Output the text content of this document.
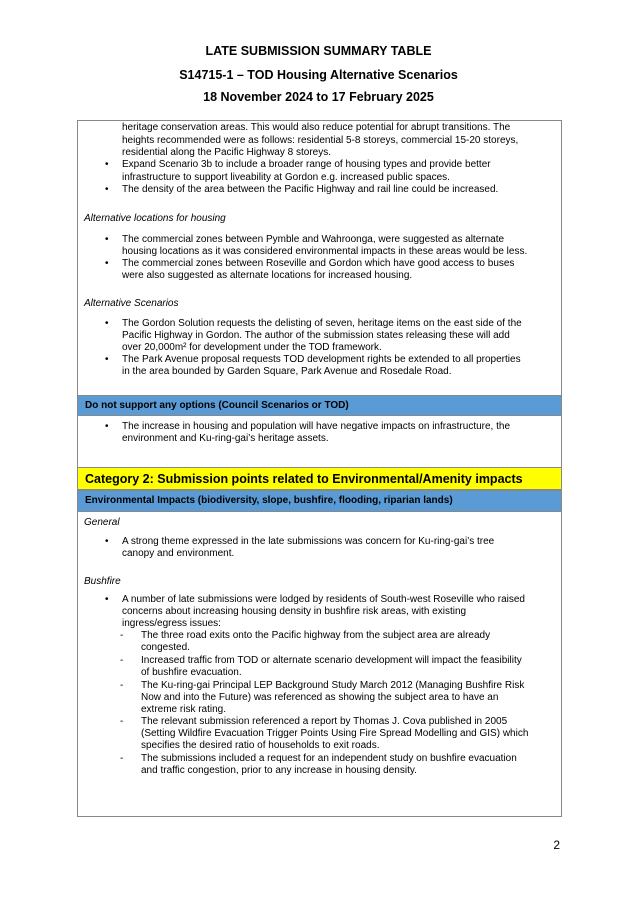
LATE SUBMISSION SUMMARY TABLE
S14715-1 – TOD Housing Alternative Scenarios
18 November 2024 to 17 February 2025
heritage conservation areas. This would also reduce potential for abrupt transitions. The
heights recommended were as follows: residential 5-8 storeys, commercial 15-20 storeys,
residential along the Pacific Highway 8 storeys.
• Expand Scenario 3b to include a broader range of housing types and provide better
infrastructure to support liveability at Gordon e.g. increased public spaces.
• The density of the area between the Pacific Highway and rail line could be increased.
Alternative locations for housing
• The commercial zones between Pymble and Wahroonga, were suggested as alternate
housing locations as it was considered environmental impacts in these areas would be less.
• The commercial zones between Roseville and Gordon which have good access to buses
were also suggested as alternate locations for increased housing.
Alternative Scenarios
• The Gordon Solution requests the delisting of seven, heritage items on the east side of the
Pacific Highway in Gordon. The author of the submission states releasing these will add
over 20,000m² for development under the TOD framework.
• The Park Avenue proposal requests TOD development rights be extended to all properties
in the area bounded by Garden Square, Park Avenue and Rosedale Road.
Do not support any options (Council Scenarios or TOD)
• The increase in housing and population will have negative impacts on infrastructure, the
environment and Ku-ring-gai’s heritage assets.
Category 2: Submission points related to Environmental/Amenity impacts
Environmental Impacts (biodiversity, slope, bushfire, flooding, riparian lands)
General
• A strong theme expressed in the late submissions was concern for Ku-ring-gai’s tree
canopy and environment.
Bushfire
• A number of late submissions were lodged by residents of South-west Roseville who raised
concerns about increasing housing density in bushfire risk areas, with existing
ingress/egress issues:
- The three road exits onto the Pacific highway from the subject area are already
congested.
- Increased traffic from TOD or alternate scenario development will impact the feasibility
of bushfire evacuation.
- The Ku-ring-gai Principal LEP Background Study March 2012 (Managing Bushfire Risk
Now and into the Future) was referenced as showing the subject area to have an
extreme risk rating.
- The relevant submission referenced a report by Thomas J. Cova published in 2005
(Setting Wildfire Evacuation Trigger Points Using Fire Spread Modelling and GIS) which
specifies the desired ratio of households to exit roads.
- The submissions included a request for an independent study on bushfire evacuation
and traffic congestion, prior to any increase in housing density.
2
